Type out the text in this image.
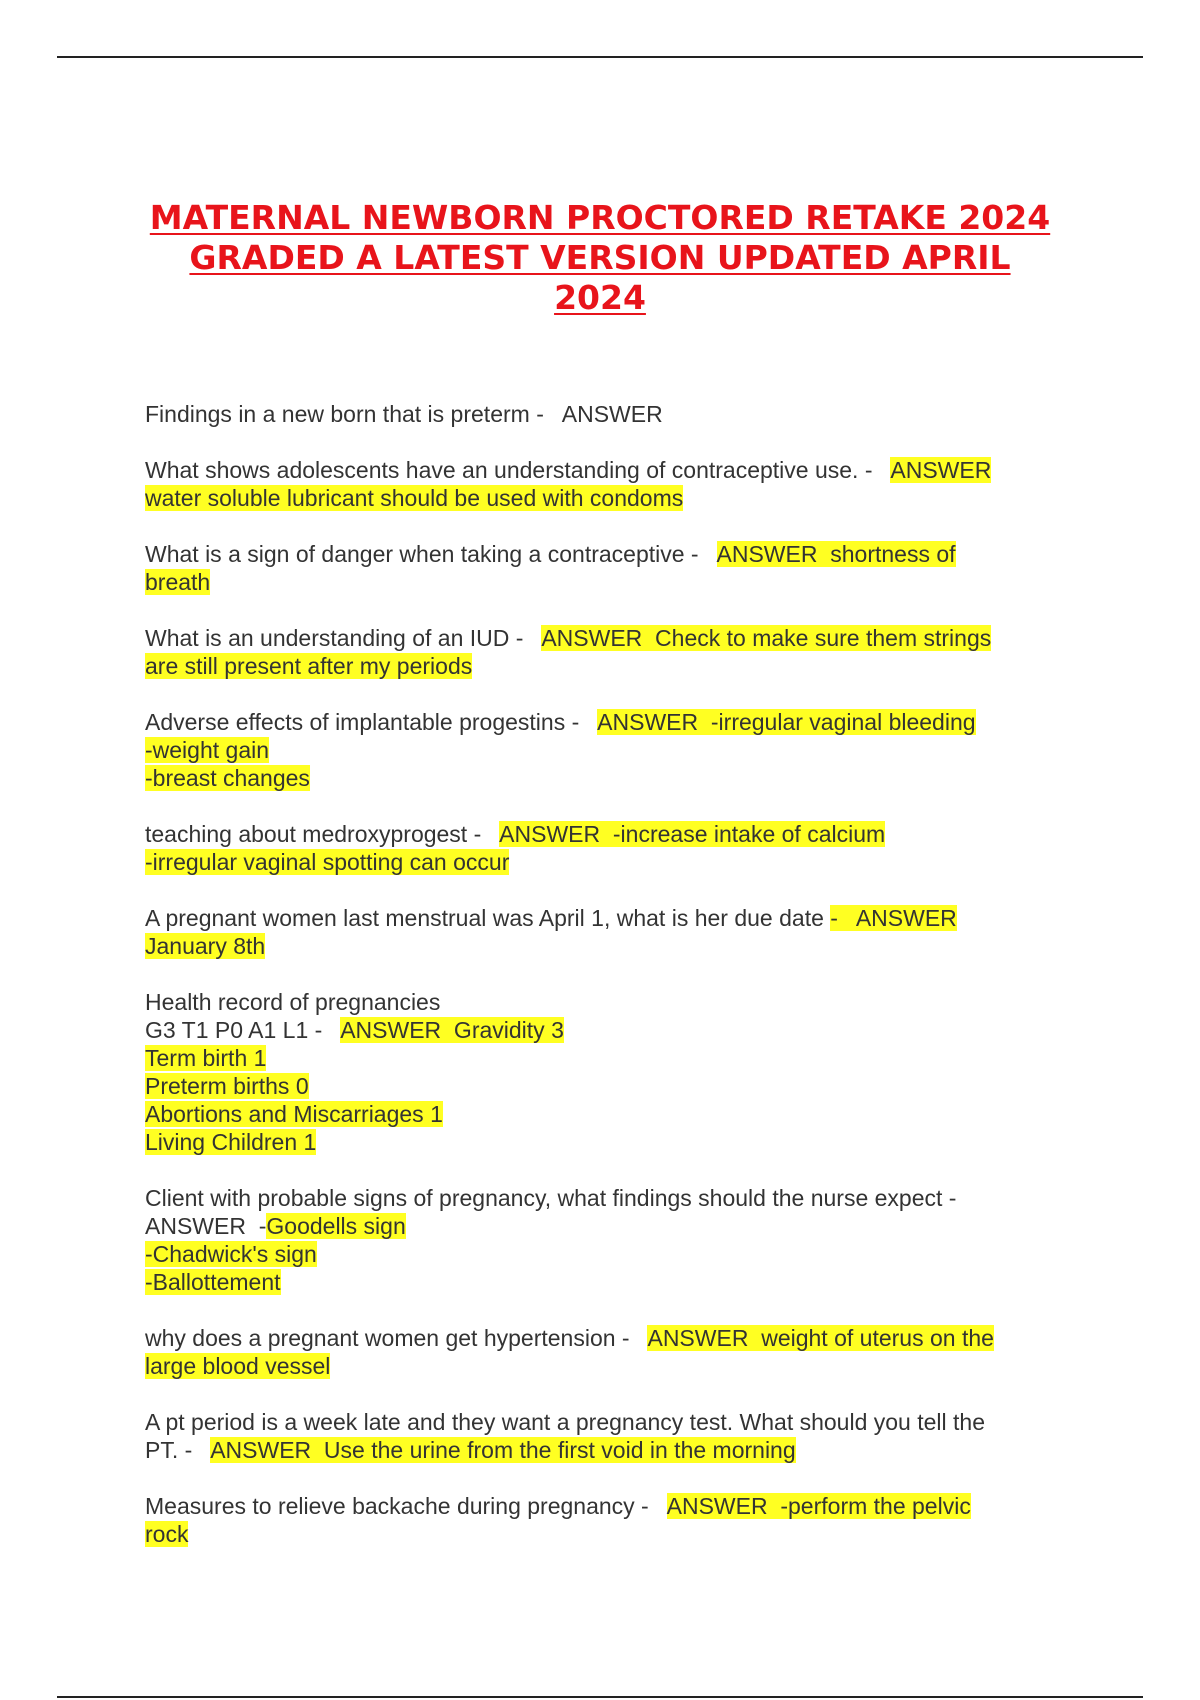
MATERNAL NEWBORN PROCTORED RETAKE 2024
GRADED A LATEST VERSION UPDATED APRIL
2024
Findings in a new born that is preterm -   ANSWER
What shows adolescents have an understanding of contraceptive use. -   ANSWER
water soluble lubricant should be used with condoms
What is a sign of danger when taking a contraceptive -   ANSWER  shortness of
breath
What is an understanding of an IUD -   ANSWER  Check to make sure them strings
are still present after my periods
Adverse effects of implantable progestins -   ANSWER  -irregular vaginal bleeding
-weight gain
-breast changes
teaching about medroxyprogest -   ANSWER  -increase intake of calcium
-irregular vaginal spotting can occur
A pregnant women last menstrual was April 1, what is her due date -   ANSWER
January 8th
Health record of pregnancies
G3 T1 P0 A1 L1 -   ANSWER  Gravidity 3
Term birth 1
Preterm births 0
Abortions and Miscarriages 1
Living Children 1
Client with probable signs of pregnancy, what findings should the nurse expect -
ANSWER  -Goodells sign
-Chadwick's sign
-Ballottement
why does a pregnant women get hypertension -   ANSWER  weight of uterus on the
large blood vessel
A pt period is a week late and they want a pregnancy test. What should you tell the
PT. -   ANSWER  Use the urine from the first void in the morning
Measures to relieve backache during pregnancy -   ANSWER  -perform the pelvic
rock
